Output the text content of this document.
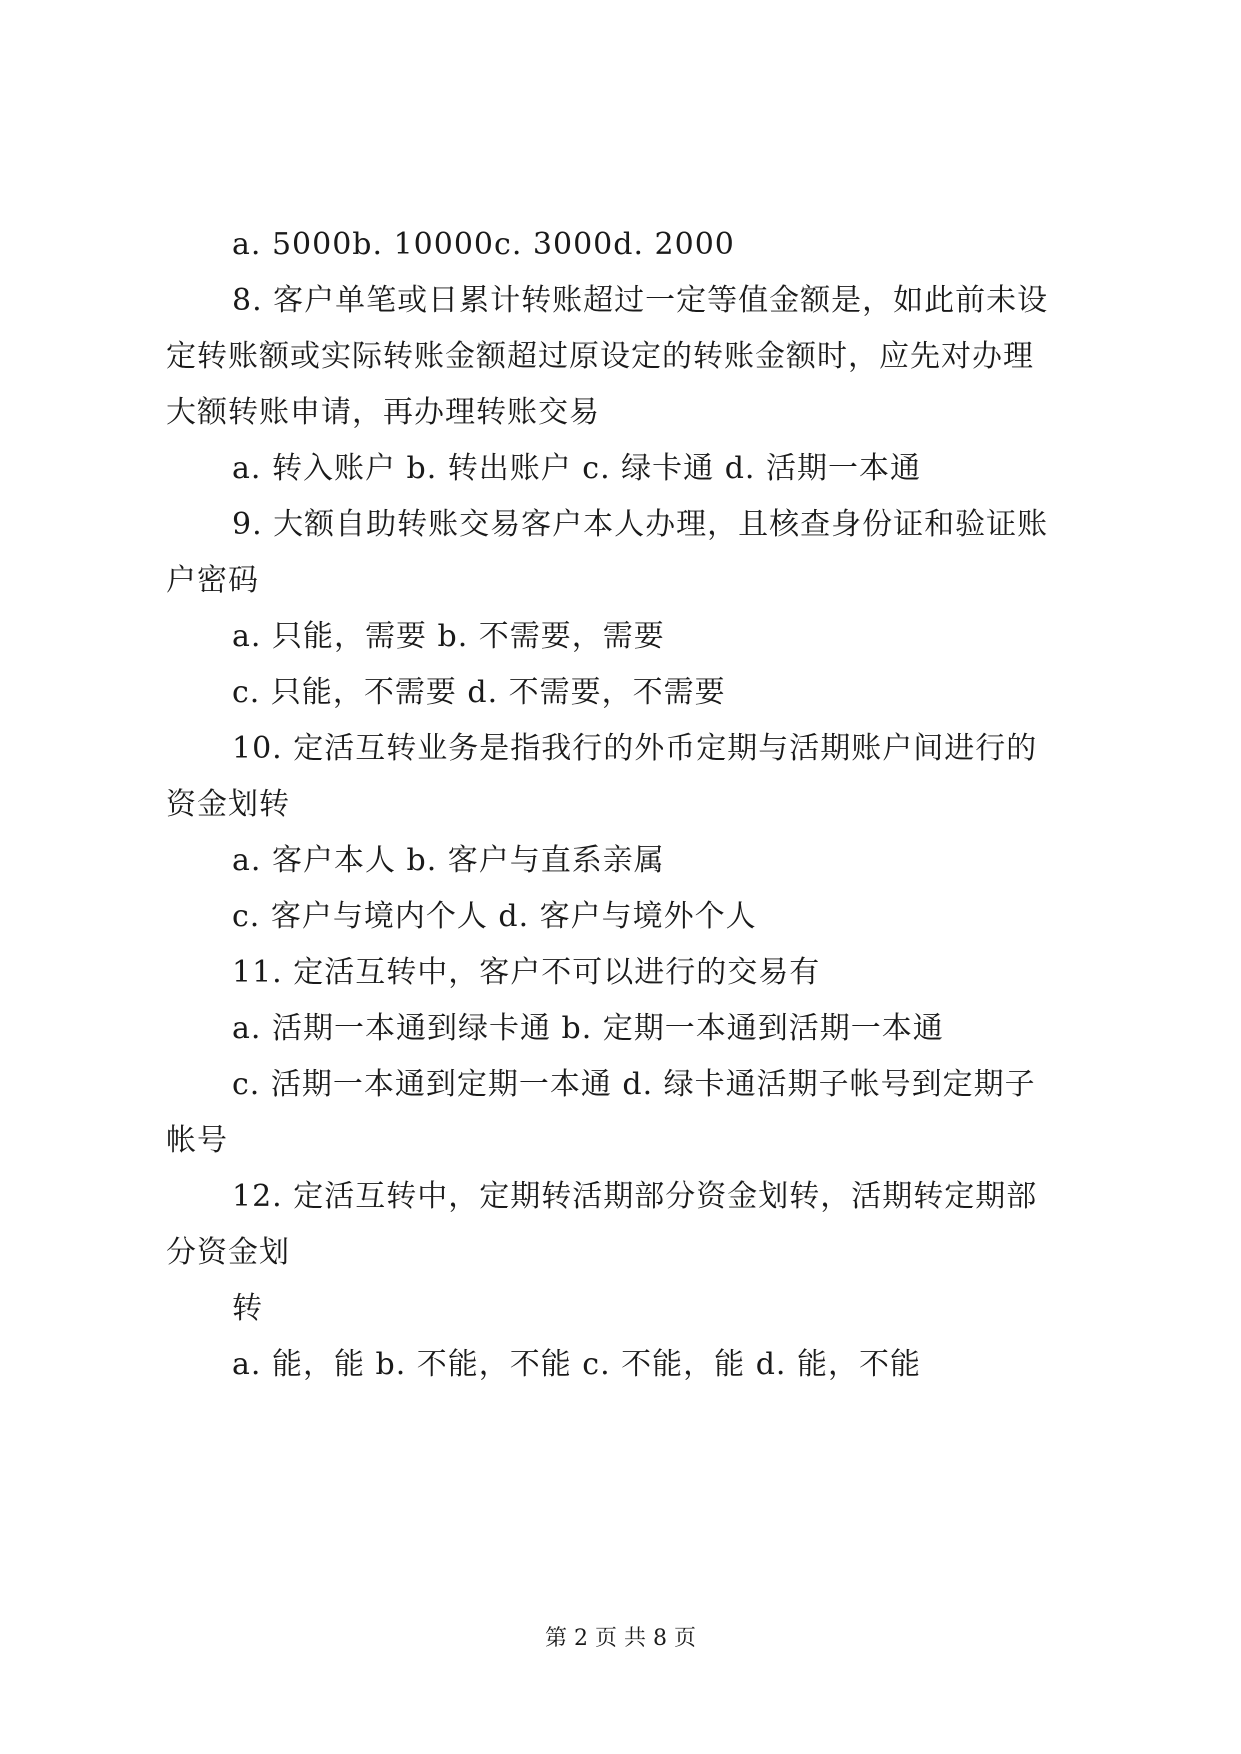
a. 5000b. 10000c. 3000d. 2000
8. 客户单笔或日累计转账超过一定等值金额是，如此前未设
定转账额或实际转账金额超过原设定的转账金额时，应先对办理
大额转账申请，再办理转账交易
a. 转入账户 b. 转出账户 c. 绿卡通 d. 活期一本通
9. 大额自助转账交易客户本人办理，且核查身份证和验证账
户密码
a. 只能，需要 b. 不需要，需要
c. 只能，不需要 d. 不需要，不需要
10. 定活互转业务是指我行的外币定期与活期账户间进行的
资金划转
a. 客户本人 b. 客户与直系亲属
c. 客户与境内个人 d. 客户与境外个人
11. 定活互转中，客户不可以进行的交易有
a. 活期一本通到绿卡通 b. 定期一本通到活期一本通
c. 活期一本通到定期一本通 d. 绿卡通活期子帐号到定期子
帐号
12. 定活互转中，定期转活期部分资金划转，活期转定期部
分资金划
转
a. 能，能 b. 不能，不能 c. 不能，能 d. 能，不能
第 2 页 共 8 页
